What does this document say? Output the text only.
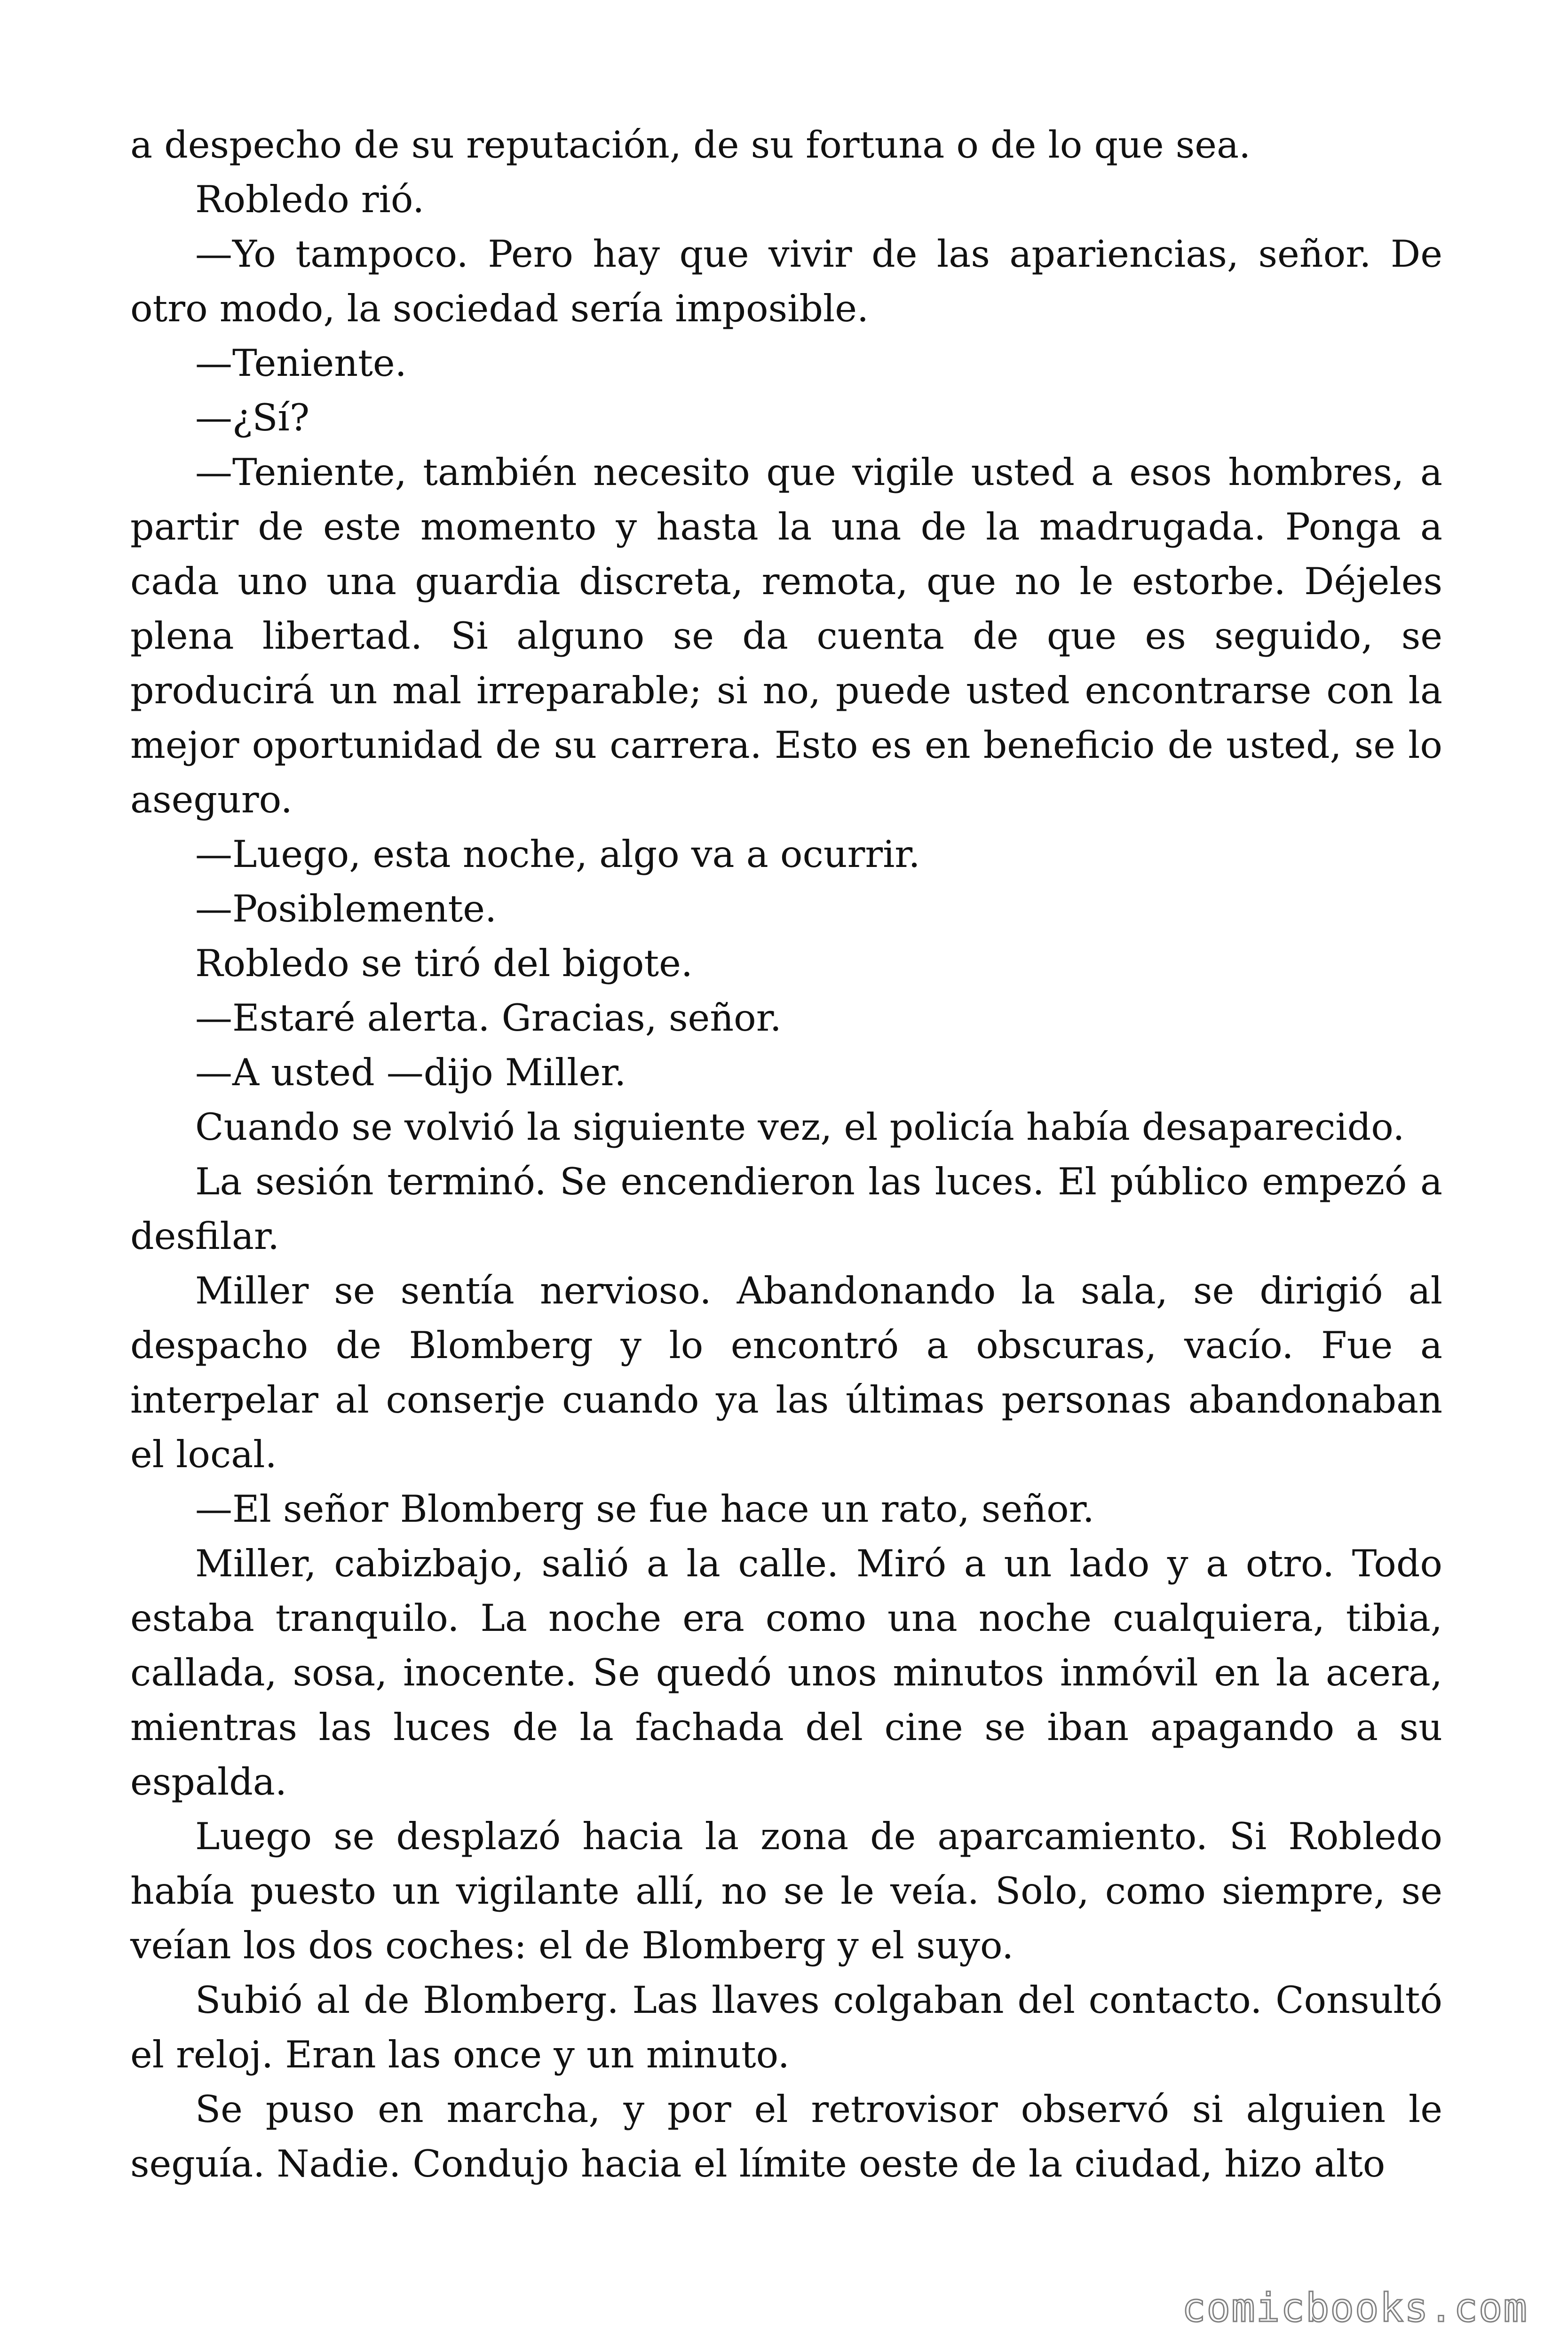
a despecho de su reputación, de su fortuna o de lo que sea.

Robledo rió.

—Yo tampoco. Pero hay que vivir de las apariencias, señor. De otro modo, la sociedad sería imposible.

—Teniente.

—¿Sí?

—Teniente, también necesito que vigile usted a esos hombres, a partir de este momento y hasta la una de la madrugada. Ponga a cada uno una guardia discreta, remota, que no le estorbe. Déjeles plena libertad. Si alguno se da cuenta de que es seguido, se producirá un mal irreparable; si no, puede usted encontrarse con la mejor oportunidad de su carrera. Esto es en beneficio de usted, se lo aseguro.

—Luego, esta noche, algo va a ocurrir.

—Posiblemente.

Robledo se tiró del bigote.

—Estaré alerta. Gracias, señor.

—A usted —dijo Miller.

Cuando se volvió la siguiente vez, el policía había desaparecido.

La sesión terminó. Se encendieron las luces. El público empezó a desfilar.

Miller se sentía nervioso. Abandonando la sala, se dirigió al despacho de Blomberg y lo encontró a obscuras, vacío. Fue a interpelar al conserje cuando ya las últimas personas abandonaban el local.

—El señor Blomberg se fue hace un rato, señor.

Miller, cabizbajo, salió a la calle. Miró a un lado y a otro. Todo estaba tranquilo. La noche era como una noche cualquiera, tibia, callada, sosa, inocente. Se quedó unos minutos inmóvil en la acera, mientras las luces de la fachada del cine se iban apagando a su espalda.

Luego se desplazó hacia la zona de aparcamiento. Si Robledo había puesto un vigilante allí, no se le veía. Solo, como siempre, se veían los dos coches: el de Blomberg y el suyo.

Subió al de Blomberg. Las llaves colgaban del contacto. Consultó el reloj. Eran las once y un minuto.

Se puso en marcha, y por el retrovisor observó si alguien le seguía. Nadie. Condujo hacia el límite oeste de la ciudad, hizo alto

comicbooks.com
